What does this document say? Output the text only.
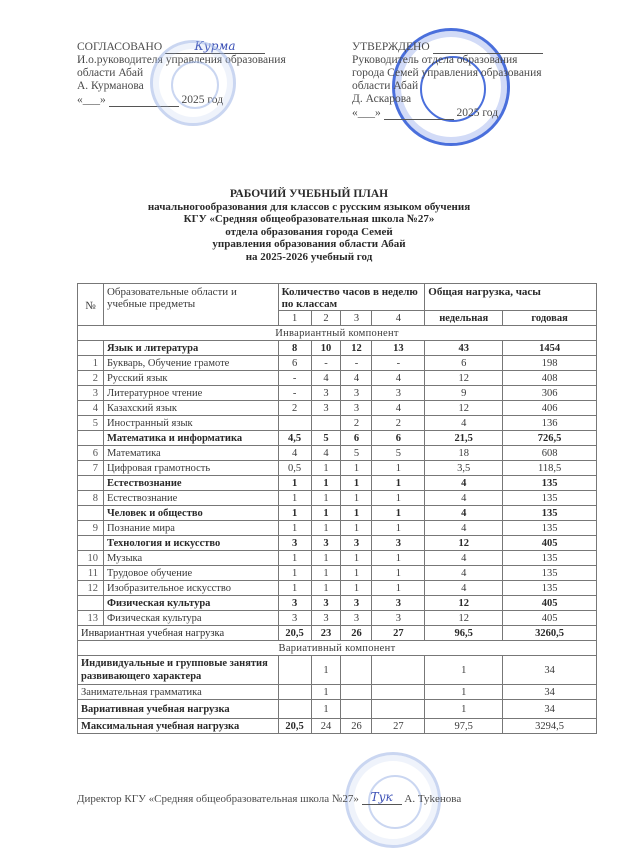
СОГЛАСОВАНО	Курма
И.о.руководителя управления образования
области Абай
А. Курманова
«___»	2025 год
УТВЕРЖДЕНО
Руководитель отдела образования
города Семей управления образования
области Абай
Д. Аскарова
«___»	2025 год
РАБОЧИЙ УЧЕБНЫЙ ПЛАН
начальногообразования для классов с русским языком обучения
КГУ «Средняя общеобразовательная школа №27»
отдела образования города Семей
управления образования области Абай
на 2025-2026 учебный год
№	Образовательные области и учебные предметы	Количество часов в неделю по классам				Общая нагрузка, часы	
		1	2	3	4	недельная	годовая
Инвариантный компонент							
	Язык и литература	8	10	12	13	43	1454
1	Букварь, Обучение грамоте	6	-	-	-	6	198
2	Русский язык	-	4	4	4	12	408
3	Литературное чтение	-	3	3	3	9	306
4	Казахский язык	2	3	3	4	12	406
5	Иностранный язык			2	2	4	136
	Математика и информатика	4,5	5	6	6	21,5	726,5
6	Математика	4	4	5	5	18	608
7	Цифровая грамотность	0,5	1	1	1	3,5	118,5
	Естествознание	1	1	1	1	4	135
8	Естествознание	1	1	1	1	4	135
	Человек и общество	1	1	1	1	4	135
9	Познание мира	1	1	1	1	4	135
	Технология и искусство	3	3	3	3	12	405
10	Музыка	1	1	1	1	4	135
11	Трудовое обучение	1	1	1	1	4	135
12	Изобразительное искусство	1	1	1	1	4	135
	Физическая культура	3	3	3	3	12	405
13	Физическая культура	3	3	3	3	12	405
Инвариантная учебная нагрузка		20,5	23	26	27	96,5	3260,5
Вариативный компонент							
Индивидуальные и групповые занятия развивающего характера			1			1	34
Занимательная грамматика			1			1	34
Вариативная учебная нагрузка			1			1	34
Максимальная учебная нагрузка		20,5	24	26	27	97,5	3294,5
Директор КГУ «Средняя общеобразовательная школа №27» Тук А. Туkенова
